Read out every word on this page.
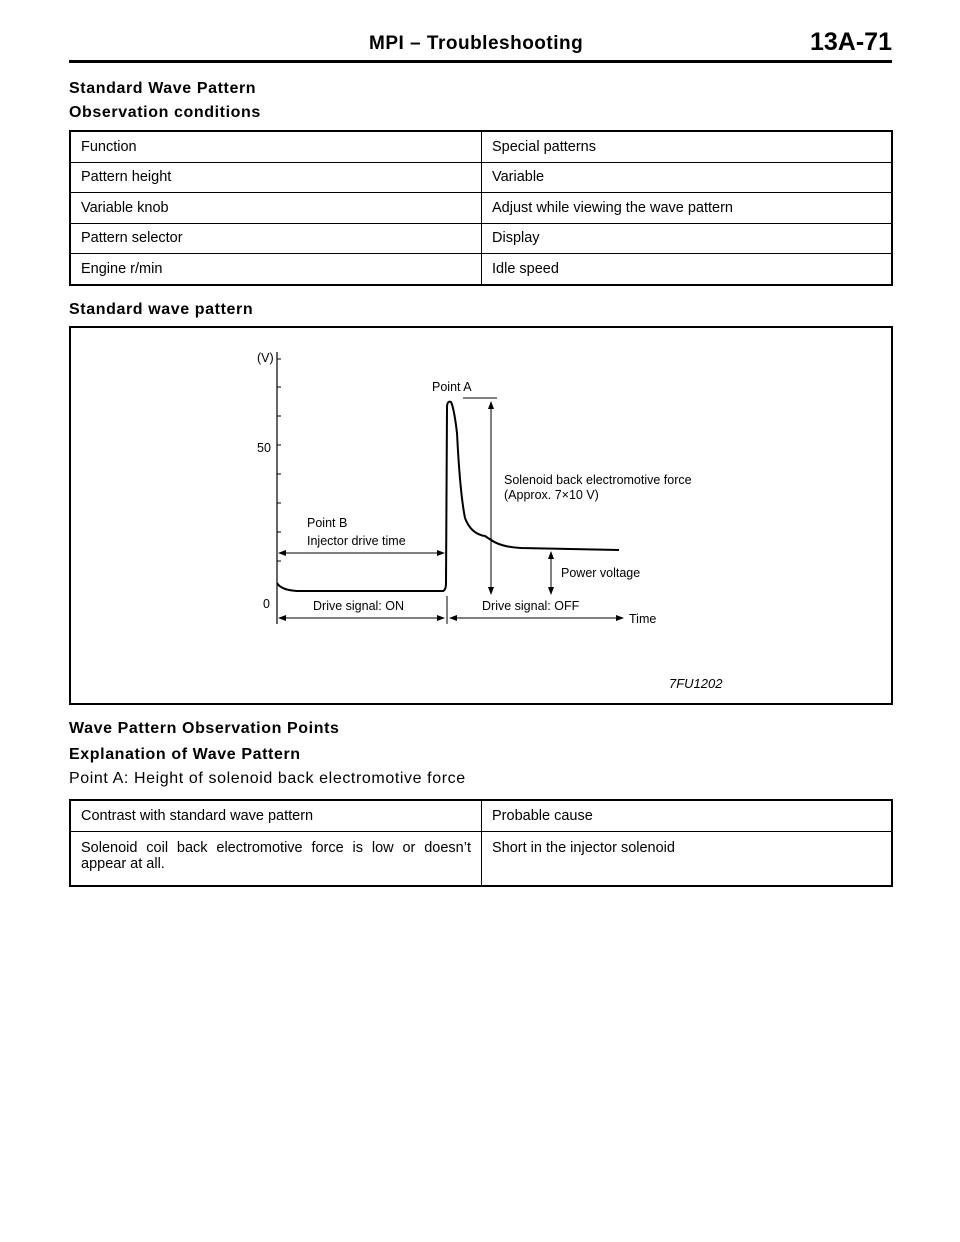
MPI – Troubleshooting	13A-71
Standard Wave Pattern
Observation conditions
Function	Special patterns
Pattern height	Variable
Variable knob	Adjust while viewing the wave pattern
Pattern selector	Display
Engine r/min	Idle speed
Standard wave pattern
(V)
50
0
Point A
Solenoid back electromotive force
(Approx. 7×10 V)
Point B
Injector drive time
Power voltage
Drive signal: ON	Drive signal: OFF
Time
7FU1202
Wave Pattern Observation Points
Explanation of Wave Pattern
Point A: Height of solenoid back electromotive force
Contrast with standard wave pattern	Probable cause
Solenoid coil back electromotive force is low or doesn’t appear at all.	Short in the injector solenoid
